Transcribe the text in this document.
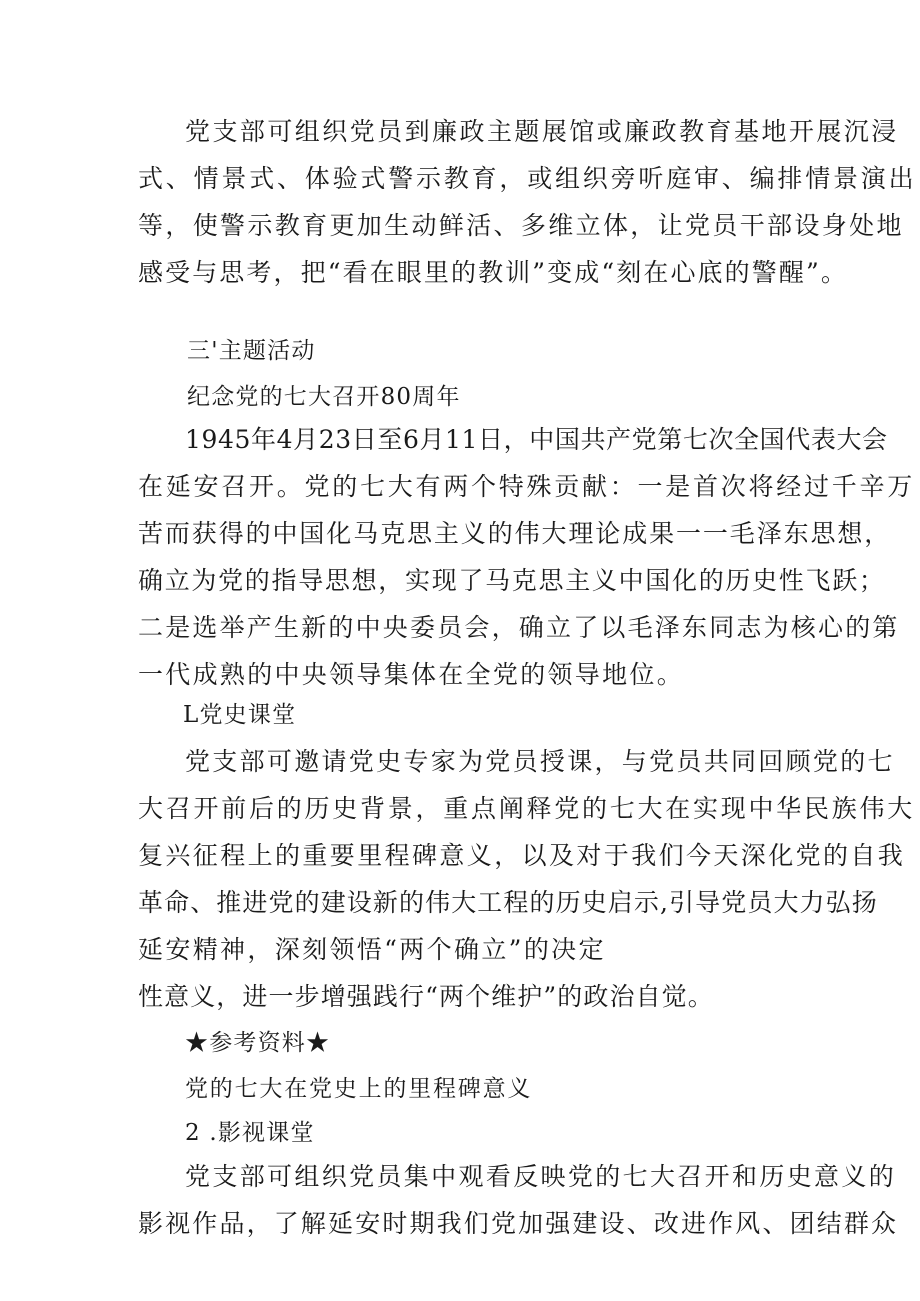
党支部可组织党员到廉政主题展馆或廉政教育基地开展沉浸
式、情景式、体验式警示教育，或组织旁听庭审、编排情景演出
等，使警示教育更加生动鲜活、多维立体，让党员干部设身处地
感受与思考，把“看在眼里的教训”变成“刻在心底的警醒”。
三'主题活动
纪念党的七大召开80周年
1945年4月23日至6月11日，中国共产党第七次全国代表大会
在延安召开。党的七大有两个特殊贡献：一是首次将经过千辛万
苦而获得的中国化马克思主义的伟大理论成果一一毛泽东思想，
确立为党的指导思想，实现了马克思主义中国化的历史性飞跃；
二是选举产生新的中央委员会，确立了以毛泽东同志为核心的第
一代成熟的中央领导集体在全党的领导地位。
L党史课堂
党支部可邀请党史专家为党员授课，与党员共同回顾党的七
大召开前后的历史背景，重点阐释党的七大在实现中华民族伟大
复兴征程上的重要里程碑意义，以及对于我们今天深化党的自我
革命、推进党的建设新的伟大工程的历史启示,引导党员大力弘扬
延安精神，深刻领悟“两个确立”的决定
性意义，进一步增强践行“两个维护”的政治自觉。
★参考资料★
党的七大在党史上的里程碑意义
2 .影视课堂
党支部可组织党员集中观看反映党的七大召开和历史意义的
影视作品，了解延安时期我们党加强建设、改进作风、团结群众
